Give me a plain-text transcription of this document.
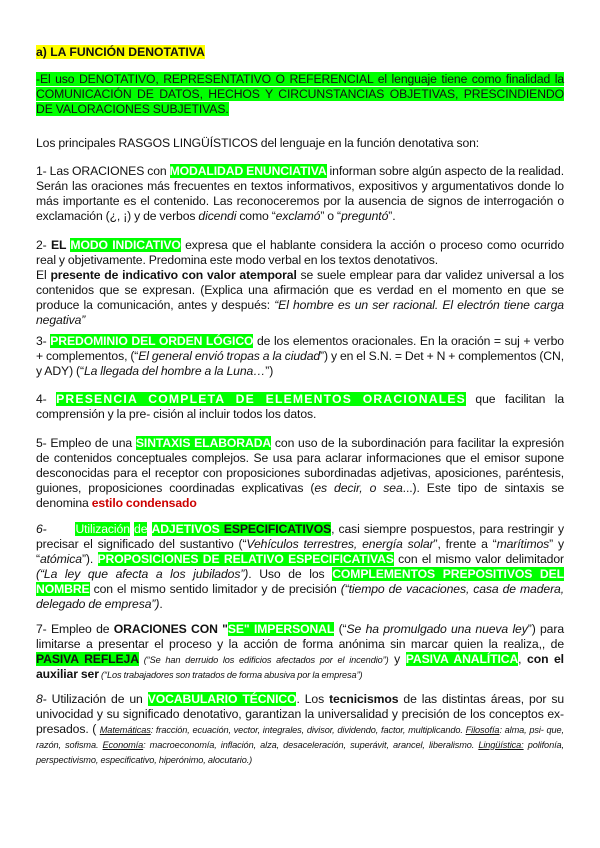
a) LA FUNCIÓN DENOTATIVA
-El uso DENOTATIVO, REPRESENTATIVO O REFERENCIAL el lenguaje tiene como finalidad la COMUNICACIÓN DE DATOS, HECHOS Y CIRCUNSTANCIAS OBJETIVAS, PRESCINDIENDO DE VALORACIONES SUBJETIVAS.
Los principales RASGOS LINGÜÍSTICOS del lenguaje en la función denotativa son:
1- Las ORACIONES con MODALIDAD ENUNCIATIVA informan sobre algún aspecto de la realidad. Serán las oraciones más frecuentes en textos informativos, expositivos y argumentativos donde lo más importante es el contenido. Las reconoceremos por la ausencia de signos de interrogación o exclamación (¿, ¡) y de verbos dicendi como “exclamó” o “preguntó”.
2- EL MODO INDICATIVO expresa que el hablante considera la acción o proceso como ocurrido real y objetivamente. Predomina este modo verbal en los textos denotativos.
El presente de indicativo con valor atemporal se suele emplear para dar validez universal a los contenidos que se expresan. (Explica una afirmación que es verdad en el momento en que se produce la comunicación, antes y después: “El hombre es un ser racional. El electrón tiene carga negativa”
3- PREDOMINIO DEL ORDEN LÓGICO de los elementos oracionales. En la oración = suj + verbo + complementos, (“El general envió tropas a la ciudad”) y en el S.N. = Det + N + complementos (CN, y ADY) (“La llegada del hombre a la Luna…”)
4- PRESENCIA COMPLETA DE ELEMENTOS ORACIONALES que facilitan la comprensión y la pre- cisión al incluir todos los datos.
5- Empleo de una SINTAXIS ELABORADA con uso de la subordinación para facilitar la expresión de contenidos conceptuales complejos. Se usa para aclarar informaciones que el emisor supone desconocidas para el receptor con proposiciones subordinadas adjetivas, aposiciones, paréntesis, guiones, proposiciones coordinadas explicativas (es decir, o sea...). Este tipo de sintaxis se denomina estilo condensado
6- Utilización de ADJETIVOS ESPECIFICATIVOS, casi siempre pospuestos, para restringir y precisar el significado del sustantivo (“Vehículos terrestres, energía solar”, frente a “marítimos” y “atómica”). PROPOSICIONES DE RELATIVO ESPECIFICATIVAS con el mismo valor delimitador (“La ley que afecta a los jubilados”). Uso de los COMPLEMENTOS PREPOSITIVOS DEL NOMBRE con el mismo sentido limitador y de precisión (“tiempo de vacaciones, casa de madera, delegado de empresa”).
7- Empleo de ORACIONES CON "SE" IMPERSONAL (“Se ha promulgado una nueva ley”) para limitarse a presentar el proceso y la acción de forma anónima sin marcar quien la realiza,, de PASIVA REFLEJA (“Se han derruido los edificios afectados por el incendio”) y PASIVA ANALÍTICA, con el auxiliar ser (“Los trabajadores son tratados de forma abusiva por la empresa”)
8- Utilización de un VOCABULARIO TÉCNICO. Los tecnicismos de las distintas áreas, por su univocidad y su significado denotativo, garantizan la universalidad y precisión de los conceptos ex- presados. ( Matemáticas: fracción, ecuación, vector, integrales, divisor, dividendo, factor, multiplicando. Filosofía: alma, psi- que, razón, sofisma. Economía: macroeconomía, inflación, alza, desaceleración, superávit, arancel, liberalismo. Lingüística: polifonía, perspectivismo, especificativo, hiperónimo, alocutario.)
